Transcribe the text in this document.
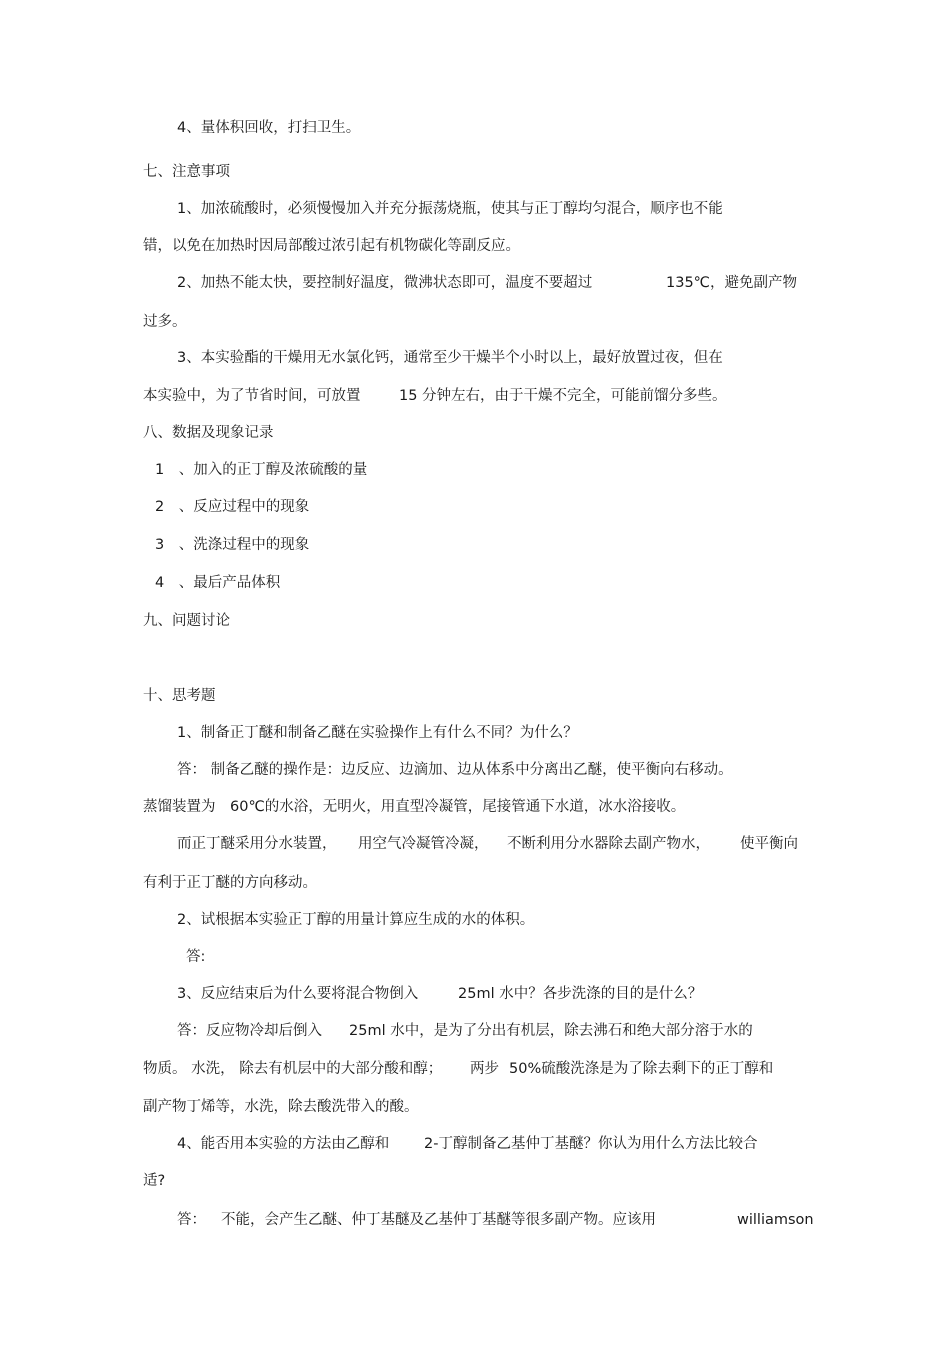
4、量体积回收，打扫卫生。
七、注意事项
1、加浓硫酸时，必须慢慢加入并充分振荡烧瓶，使其与正丁醇均匀混合，顺序也不能
错，以免在加热时因局部酸过浓引起有机物碳化等副反应。
2、加热不能太快，要控制好温度，微沸状态即可，温度不要超过	135℃，避免副产物
过多。
3、本实验酯的干燥用无水氯化钙，通常至少干燥半个小时以上，最好放置过夜，但在
本实验中，为了节省时间，可放置	15 分钟左右，由于干燥不完全，可能前馏分多些。
八、数据及现象记录
1　、加入的正丁醇及浓硫酸的量
2　、反应过程中的现象
3　、洗涤过程中的现象
4　、最后产品体积
九、问题讨论
十、思考题
1、制备正丁醚和制备乙醚在实验操作上有什么不同？为什么？
答： 制备乙醚的操作是：边反应、边滴加、边从体系中分离出乙醚，使平衡向右移动。
蒸馏装置为 60℃的水浴，无明火，用直型冷凝管，尾接管通下水道，冰水浴接收。
而正丁醚采用分水装置， 用空气冷凝管冷凝， 不断利用分水器除去副产物水， 使平衡向
有利于正丁醚的方向移动。
2、试根据本实验正丁醇的用量计算应生成的水的体积。
答:
3、反应结束后为什么要将混合物倒入	25ml 水中？各步洗涤的目的是什么？
答：反应物冷却后倒入 25ml 水中，是为了分出有机层，除去沸石和绝大部分溶于水的
物质。 水洗， 除去有机层中的大部分酸和醇； 两步 50%硫酸洗涤是为了除去剩下的正丁醇和
副产物丁烯等，水洗，除去酸洗带入的酸。
4、能否用本实验的方法由乙醇和 2-丁醇制备乙基仲丁基醚？你认为用什么方法比较合
适?
答： 不能，会产生乙醚、仲丁基醚及乙基仲丁基醚等很多副产物。应该用	williamson
